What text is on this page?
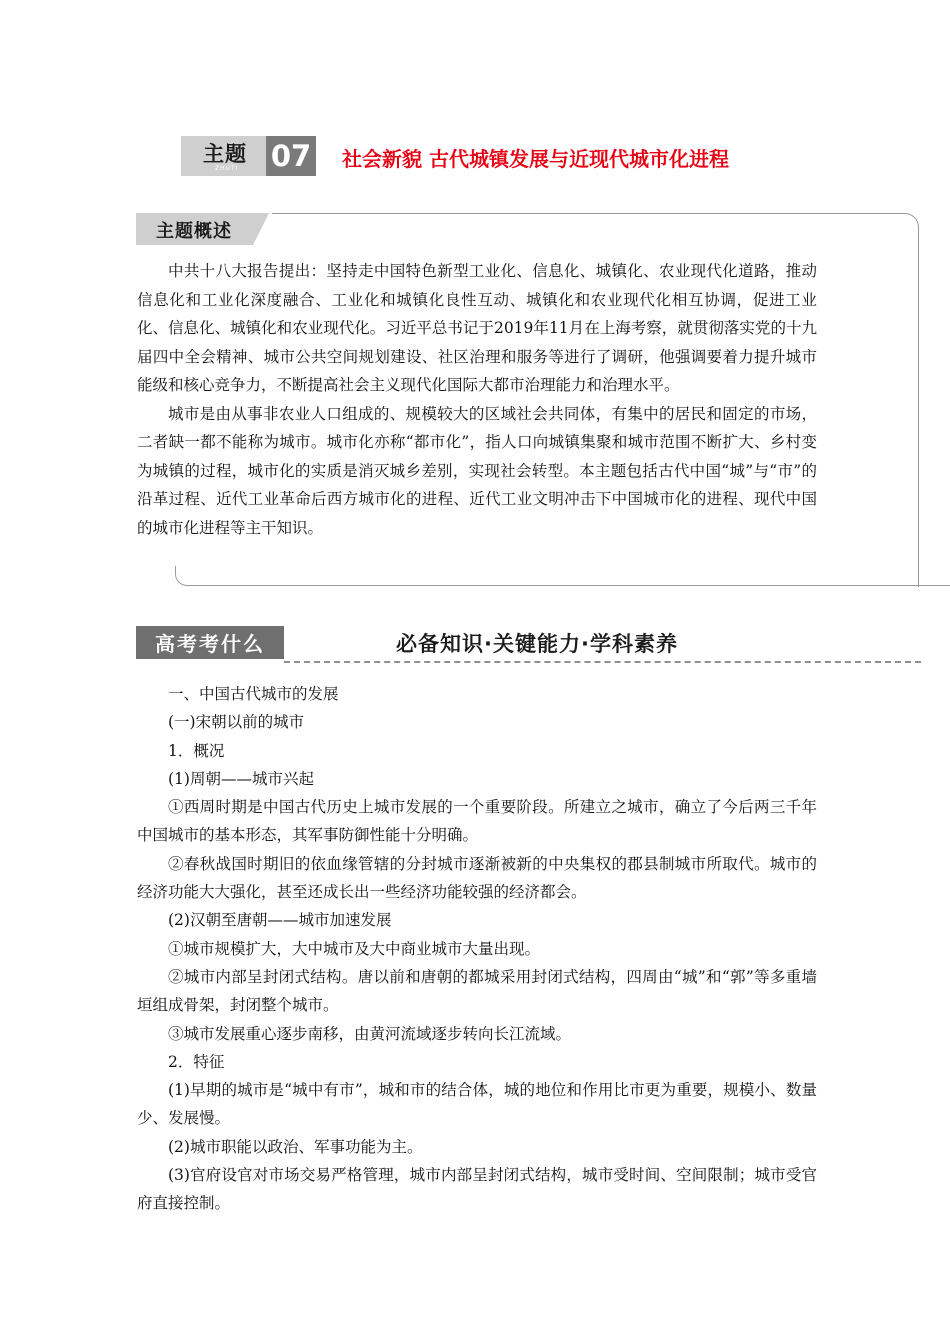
主题
ZHUTI 07 社会新貌 古代城镇发展与近现代城市化进程
主题概述

中共十八大报告提出：坚持走中国特色新型工业化、信息化、城镇化、农业现代化道路，推动信息化和工业化深度融合、工业化和城镇化良性互动、城镇化和农业现代化相互协调，促进工业化、信息化、城镇化和农业现代化。习近平总书记于2019年11月在上海考察，就贯彻落实党的十九届四中全会精神、城市公共空间规划建设、社区治理和服务等进行了调研，他强调要着力提升城市能级和核心竞争力，不断提高社会主义现代化国际大都市治理能力和治理水平。

城市是由从事非农业人口组成的、规模较大的区域社会共同体，有集中的居民和固定的市场，二者缺一都不能称为城市。城市化亦称“都市化”，指人口向城镇集聚和城市范围不断扩大、乡村变为城镇的过程，城市化的实质是消灭城乡差别，实现社会转型。本主题包括古代中国“城”与“市”的沿革过程、近代工业革命后西方城市化的进程、近代工业文明冲击下中国城市化的进程、现代中国的城市化进程等主干知识。

高考考什么	必备知识·关键能力·学科素养

一、中国古代城市的发展

(一)宋朝以前的城市

1．概况

(1)周朝——城市兴起

①西周时期是中国古代历史上城市发展的一个重要阶段。所建立之城市，确立了今后两三千年中国城市的基本形态，其军事防御性能十分明确。

②春秋战国时期旧的依血缘管辖的分封城市逐渐被新的中央集权的郡县制城市所取代。城市的经济功能大大强化，甚至还成长出一些经济功能较强的经济都会。

(2)汉朝至唐朝——城市加速发展

①城市规模扩大，大中城市及大中商业城市大量出现。

②城市内部呈封闭式结构。唐以前和唐朝的都城采用封闭式结构，四周由“城”和“郭”等多重墙垣组成骨架，封闭整个城市。

③城市发展重心逐步南移，由黄河流域逐步转向长江流域。

2．特征

(1)早期的城市是“城中有市”，城和市的结合体，城的地位和作用比市更为重要，规模小、数量少、发展慢。

(2)城市职能以政治、军事功能为主。

(3)官府设官对市场交易严格管理，城市内部呈封闭式结构，城市受时间、空间限制；城市受官府直接控制。
